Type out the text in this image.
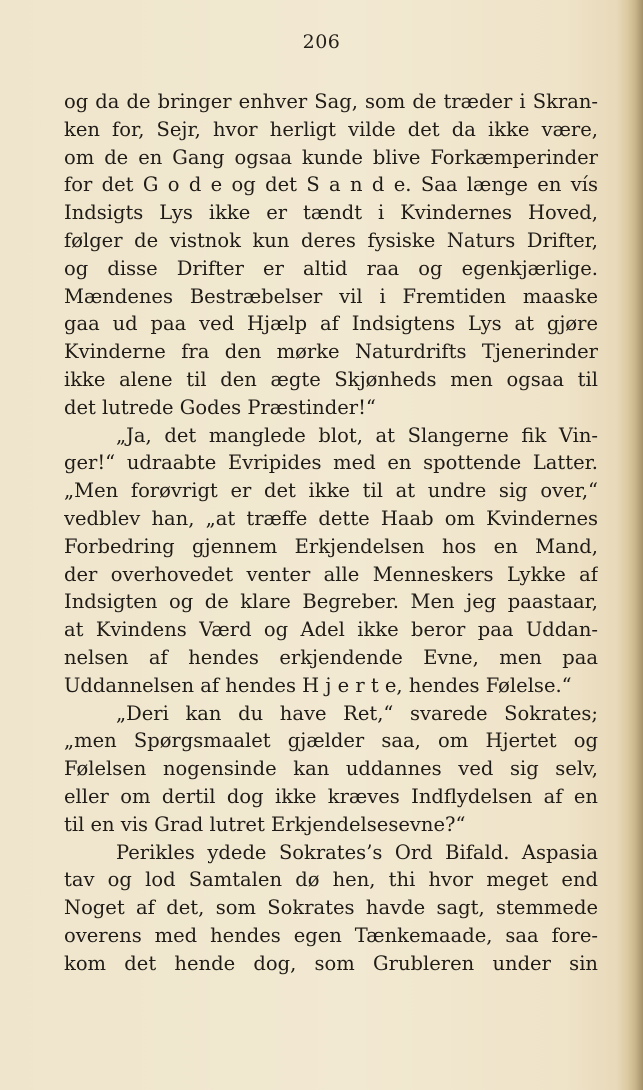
206
og da de bringer enhver Sag, som de træder i Skran-
ken for, Sejr, hvor herligt vilde det da ikke være,
om de en Gang ogsaa kunde blive Forkæmperinder
for det G o d e og det S a n d e. Saa længe en vís
Indsigts Lys ikke er tændt i Kvindernes Hoved,
følger de vistnok kun deres fysiske Naturs Drifter,
og disse Drifter er altid raa og egenkjærlige.
Mændenes Bestræbelser vil i Fremtiden maaske
gaa ud paa ved Hjælp af Indsigtens Lys at gjøre
Kvinderne fra den mørke Naturdrifts Tjenerinder
ikke alene til den ægte Skjønheds men ogsaa til
det lutrede Godes Præstinder!“
„Ja, det manglede blot, at Slangerne fik Vin-
ger!“ udraabte Evripides med en spottende Latter.
„Men forøvrigt er det ikke til at undre sig over,“
vedblev han, „at træffe dette Haab om Kvindernes
Forbedring gjennem Erkjendelsen hos en Mand,
der overhovedet venter alle Menneskers Lykke af
Indsigten og de klare Begreber. Men jeg paastaar,
at Kvindens Værd og Adel ikke beror paa Uddan-
nelsen af hendes erkjendende Evne, men paa
Uddannelsen af hendes H j e r t e, hendes Følelse.“
„Deri kan du have Ret,“ svarede Sokrates;
„men Spørgsmaalet gjælder saa, om Hjertet og
Følelsen nogensinde kan uddannes ved sig selv,
eller om dertil dog ikke kræves Indflydelsen af en
til en vis Grad lutret Erkjendelsesevne?“
Perikles ydede Sokrates’s Ord Bifald. Aspasia
tav og lod Samtalen dø hen, thi hvor meget end
Noget af det, som Sokrates havde sagt, stemmede
overens med hendes egen Tænkemaade, saa fore-
kom det hende dog, som Grubleren under sin
